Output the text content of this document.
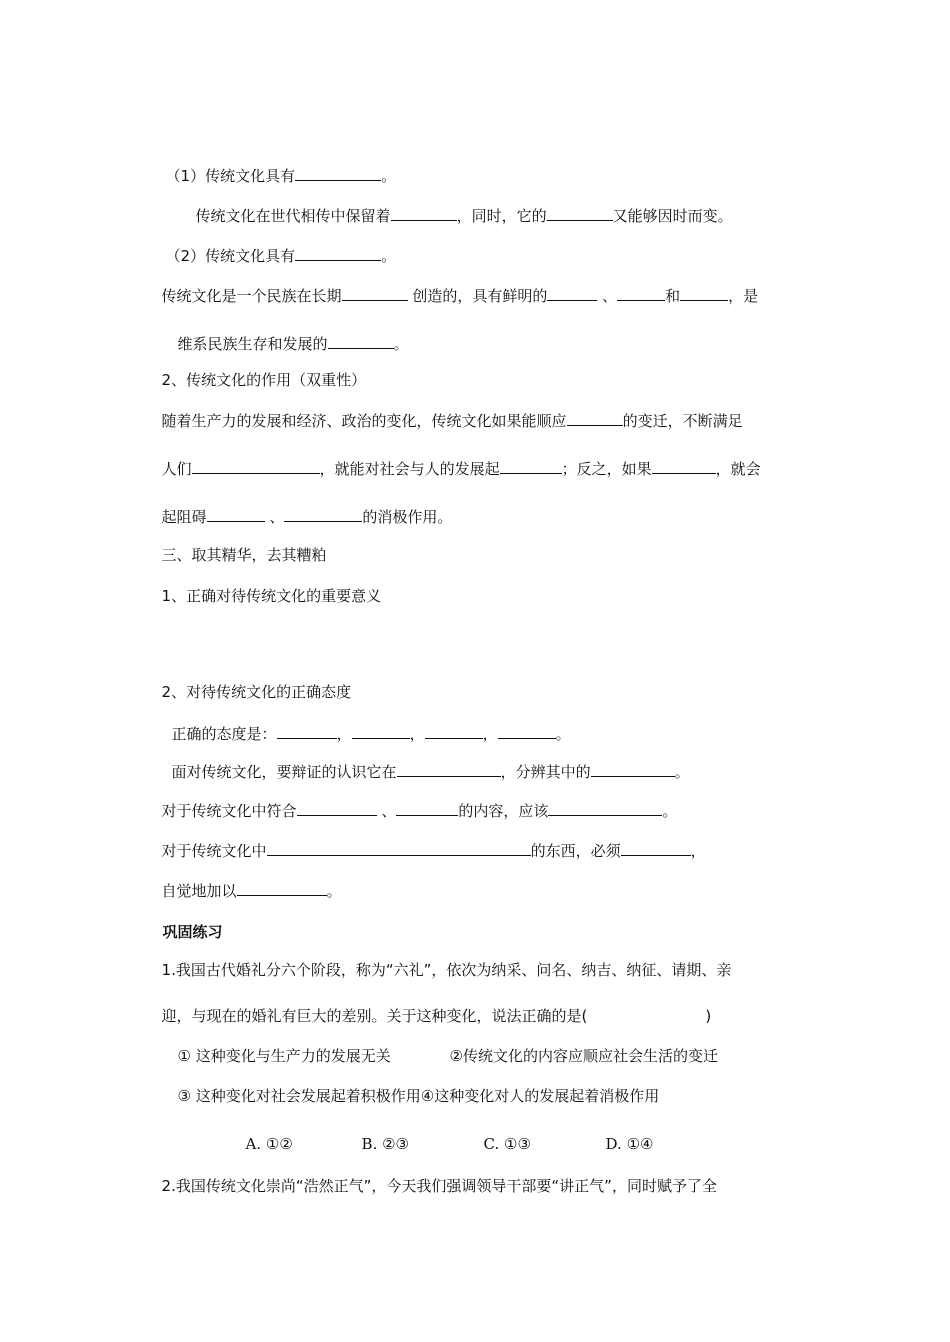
（1）传统文化具有	。

传统文化在世代相传中保留着	，同时，它的	又能够因时而变。

（2）传统文化具有	。

传统文化是一个民族在长期	创造的，具有鲜明的	、	和	，是

维系民族生存和发展的	。

2、传统文化的作用（双重性）

随着生产力的发展和经济、政治的变化，传统文化如果能顺应	的变迁，不断满足

人们	，就能对社会与人的发展起	；反之，如果	，就会

起阻碍	、	的消极作用。

三、取其精华，去其糟粕

1、正确对待传统文化的重要意义

2、对待传统文化的正确态度

正确的态度是：	，	，	，	。

面对传统文化，要辩证的认识它在	，分辨其中的	。

对于传统文化中符合	、	的内容，应该	。

对于传统文化中	的东西，必须	，

自觉地加以	。

巩固练习

1.我国古代婚礼分六个阶段，称为“六礼”，依次为纳采、问名、纳吉、纳征、请期、亲

迎，与现在的婚礼有巨大的差别。关于这种变化，说法正确的是(	)

① 这种变化与生产力的发展无关	②传统文化的内容应顺应社会生活的变迁

③ 这种变化对社会发展起着积极作用④这种变化对人的发展起着消极作用

A. ①②	B. ②③	C. ①③	D. ①④

2.我国传统文化崇尚“浩然正气”，今天我们强调领导干部要“讲正气”，同时赋予了全
